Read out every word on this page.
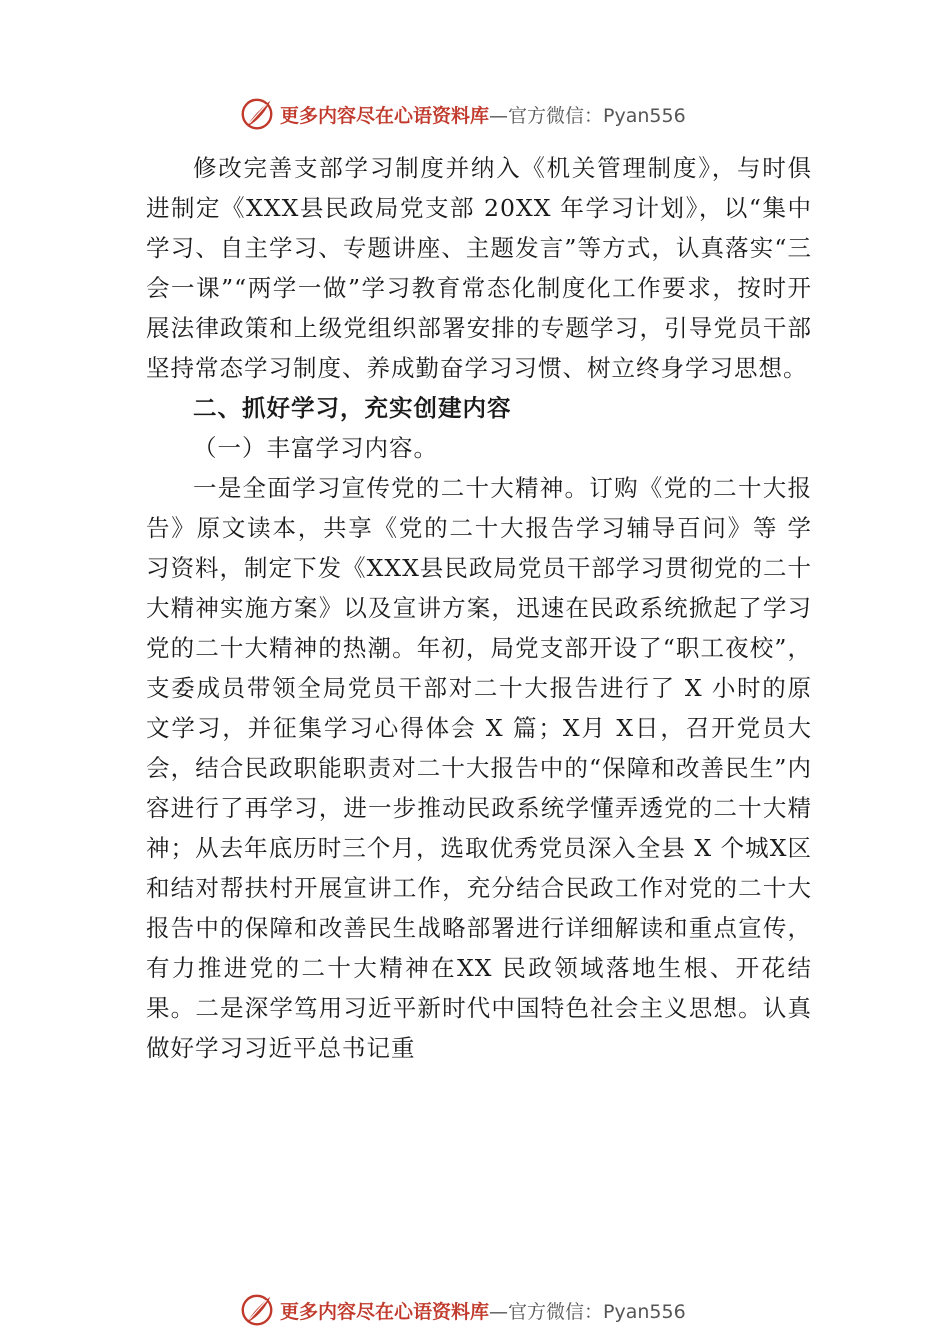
更多内容尽在心语资料库 —官方微信：Pyan556

修改完善支部学习制度并纳入《机关管理制度》，与时俱进制定《XXX县民政局党支部 20XX 年学习计划》，以“集中学习、自主学习、专题讲座、主题发言”等方式，认真落实“三会一课”“两学一做”学习教育常态化制度化工作要求，按时开展法律政策和上级党组织部署安排的专题学习，引导党员干部坚持常态学习制度、养成勤奋学习习惯、树立终身学习思想。

二、抓好学习，充实创建内容

（一）丰富学习内容。

一是全面学习宣传党的二十大精神。订购《党的二十大报告》原文读本，共享《党的二十大报告学习辅导百问》等 学习资料，制定下发《XXX县民政局党员干部学习贯彻党的二十大精神实施方案》以及宣讲方案，迅速在民政系统掀起了学习党的二十大精神的热潮。年初，局党支部开设了“职工夜校”，支委成员带领全局党员干部对二十大报告进行了 X 小时的原文学习，并征集学习心得体会 X 篇；X月 X日，召开党员大会，结合民政职能职责对二十大报告中的“保障和改善民生”内容进行了再学习，进一步推动民政系统学懂弄透党的二十大精神；从去年底历时三个月，选取优秀党员深入全县 X 个城X区和结对帮扶村开展宣讲工作，充分结合民政工作对党的二十大报告中的保障和改善民生战略部署进行详细解读和重点宣传，有力推进党的二十大精神在XX 民政领域落地生根、开花结果。二是深学笃用习近平新时代中国特色社会主义思想。认真做好学习习近平总书记重

更多内容尽在心语资料库 —官方微信：Pyan556
